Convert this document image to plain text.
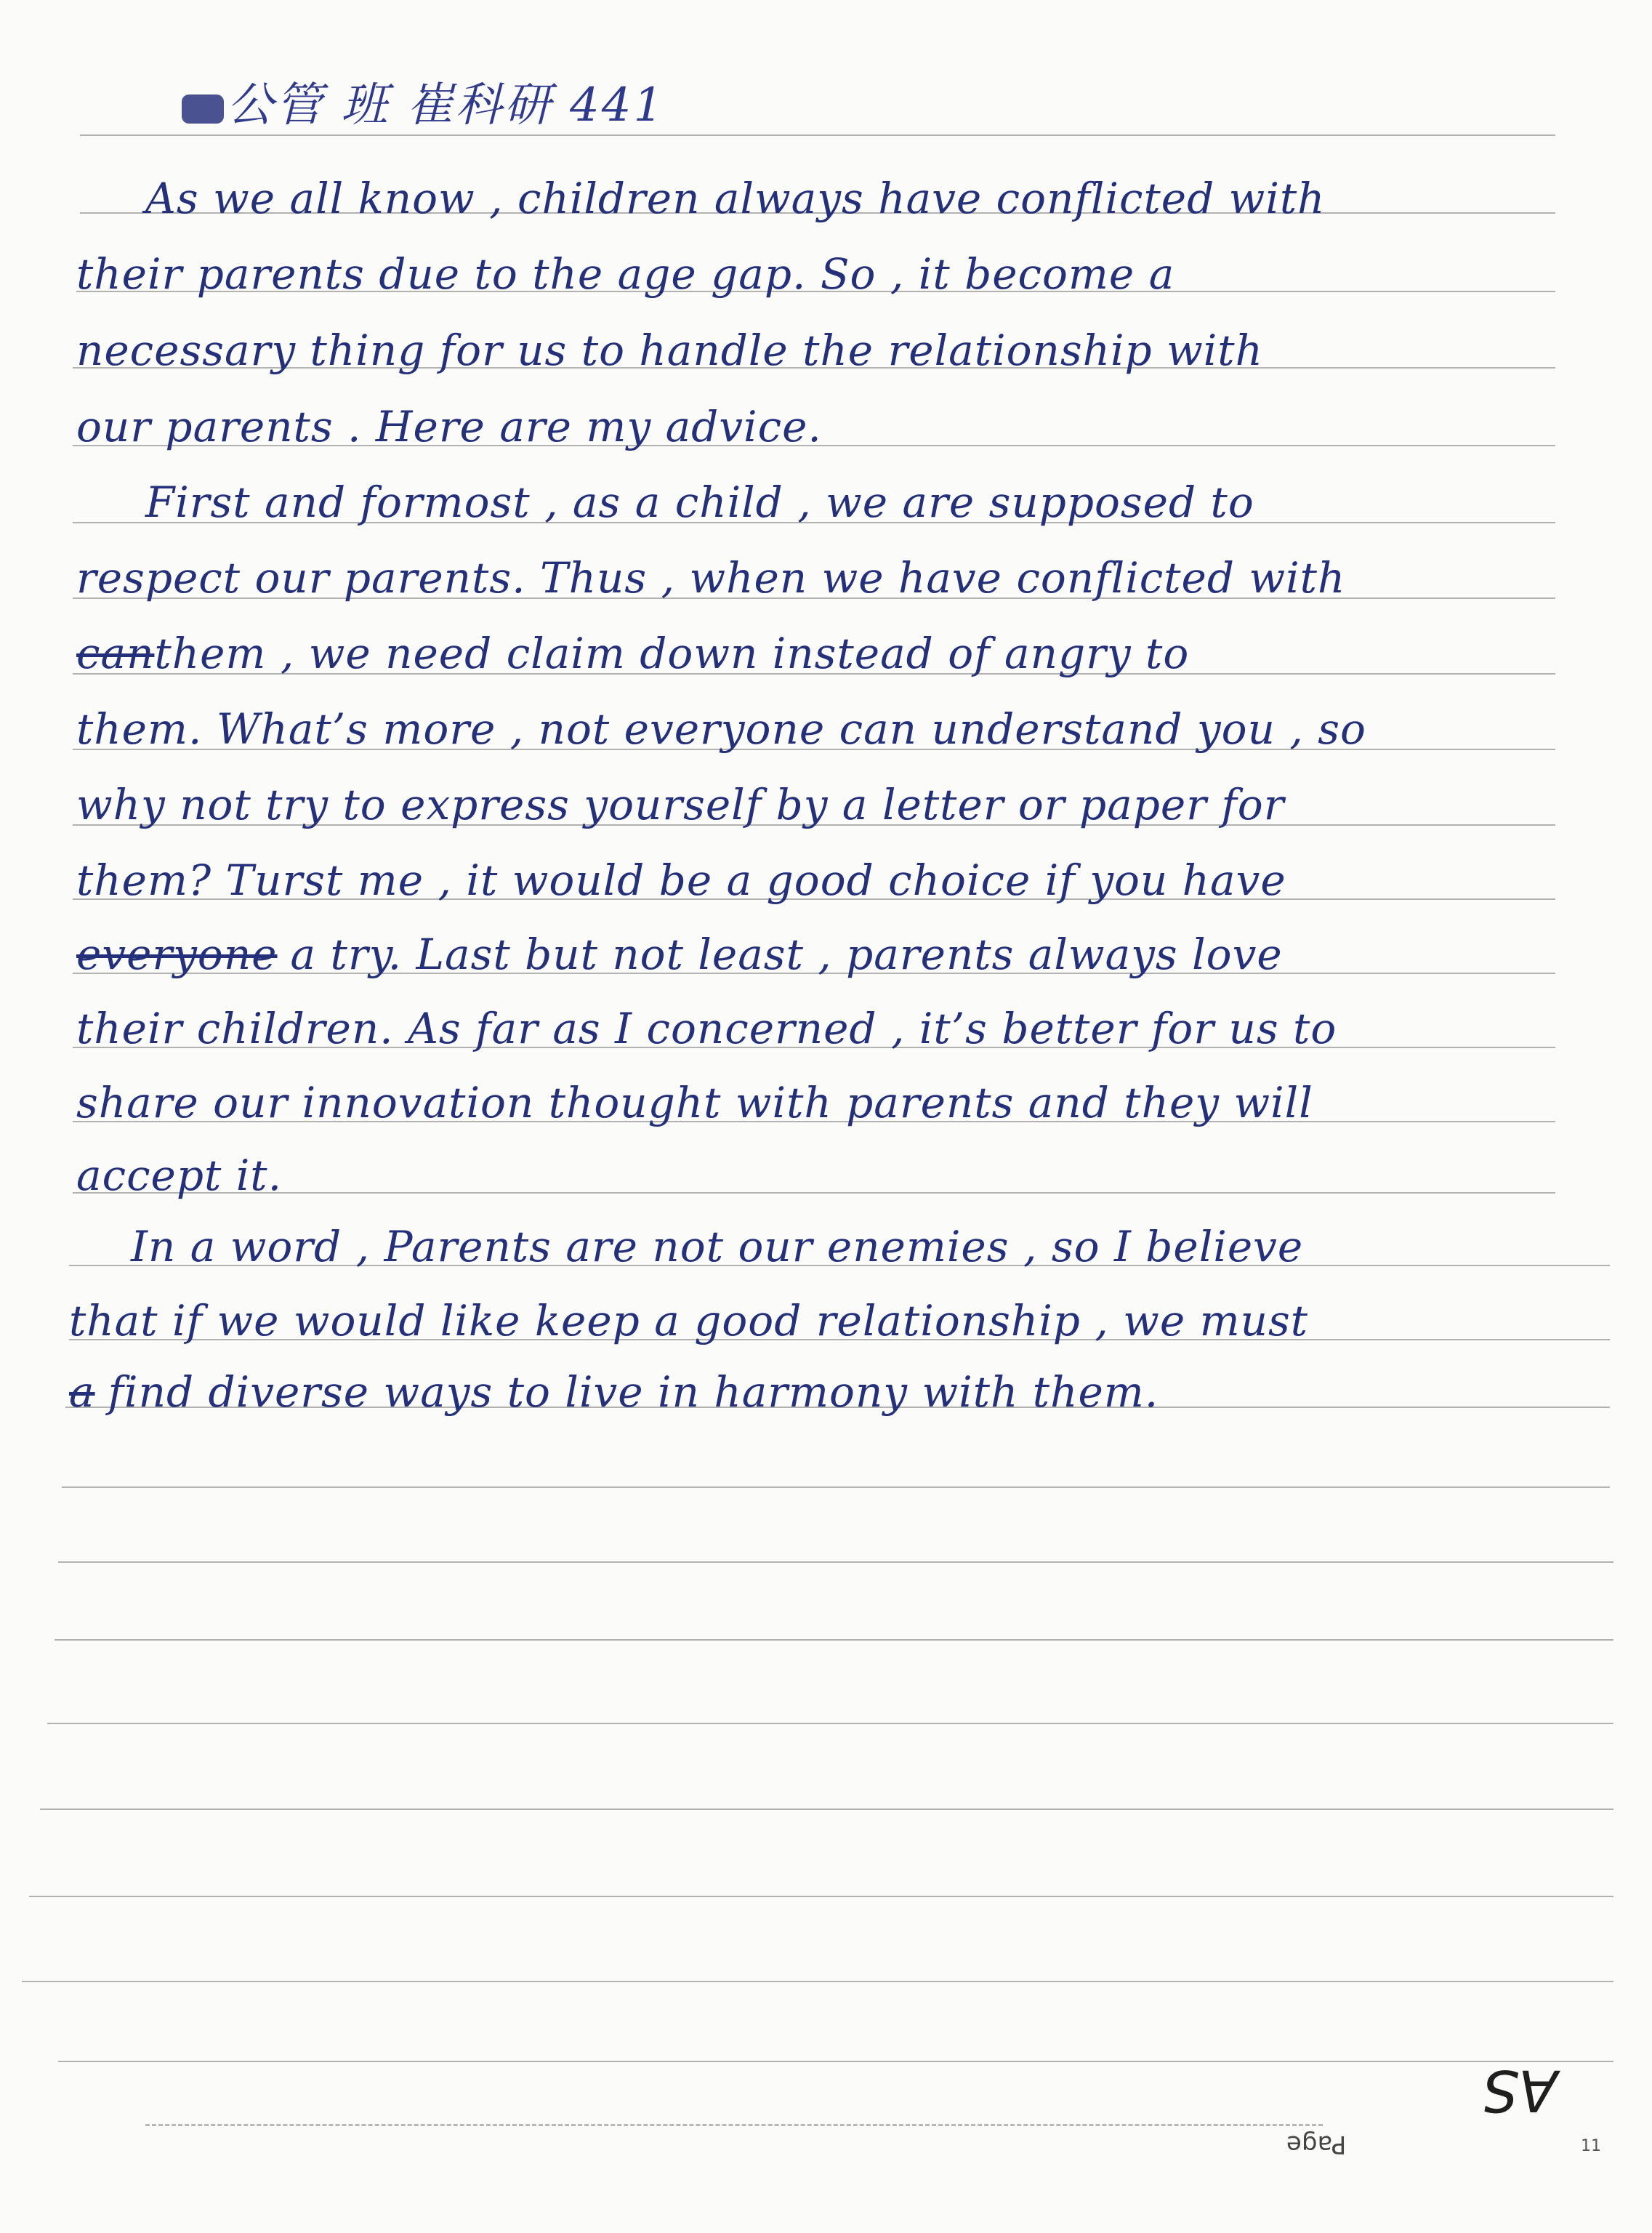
公管 班 崔科研 441
As we all know , children always have conflicted with
their parents due to the age gap. So , it become a
necessary thing for us to handle the relationship with
our parents . Here are my advice.
First and formost , as a child , we are supposed to
respect our parents. Thus , when we have conflicted with
canthem , we need claim down instead of angry to
them. What’s more , not everyone can understand you , so
why not try to express yourself by a letter or paper for
them? Turst me , it would be a good choice if you have
everyone a try. Last but not least , parents always love
their children. As far as I concerned , it’s better for us to
share our innovation thought with parents and they will
accept it.
In a word , Parents are not our enemies , so I believe
that if we would like keep a good relationship , we must
a find diverse ways to live in harmony with them.
AS
Page	11
